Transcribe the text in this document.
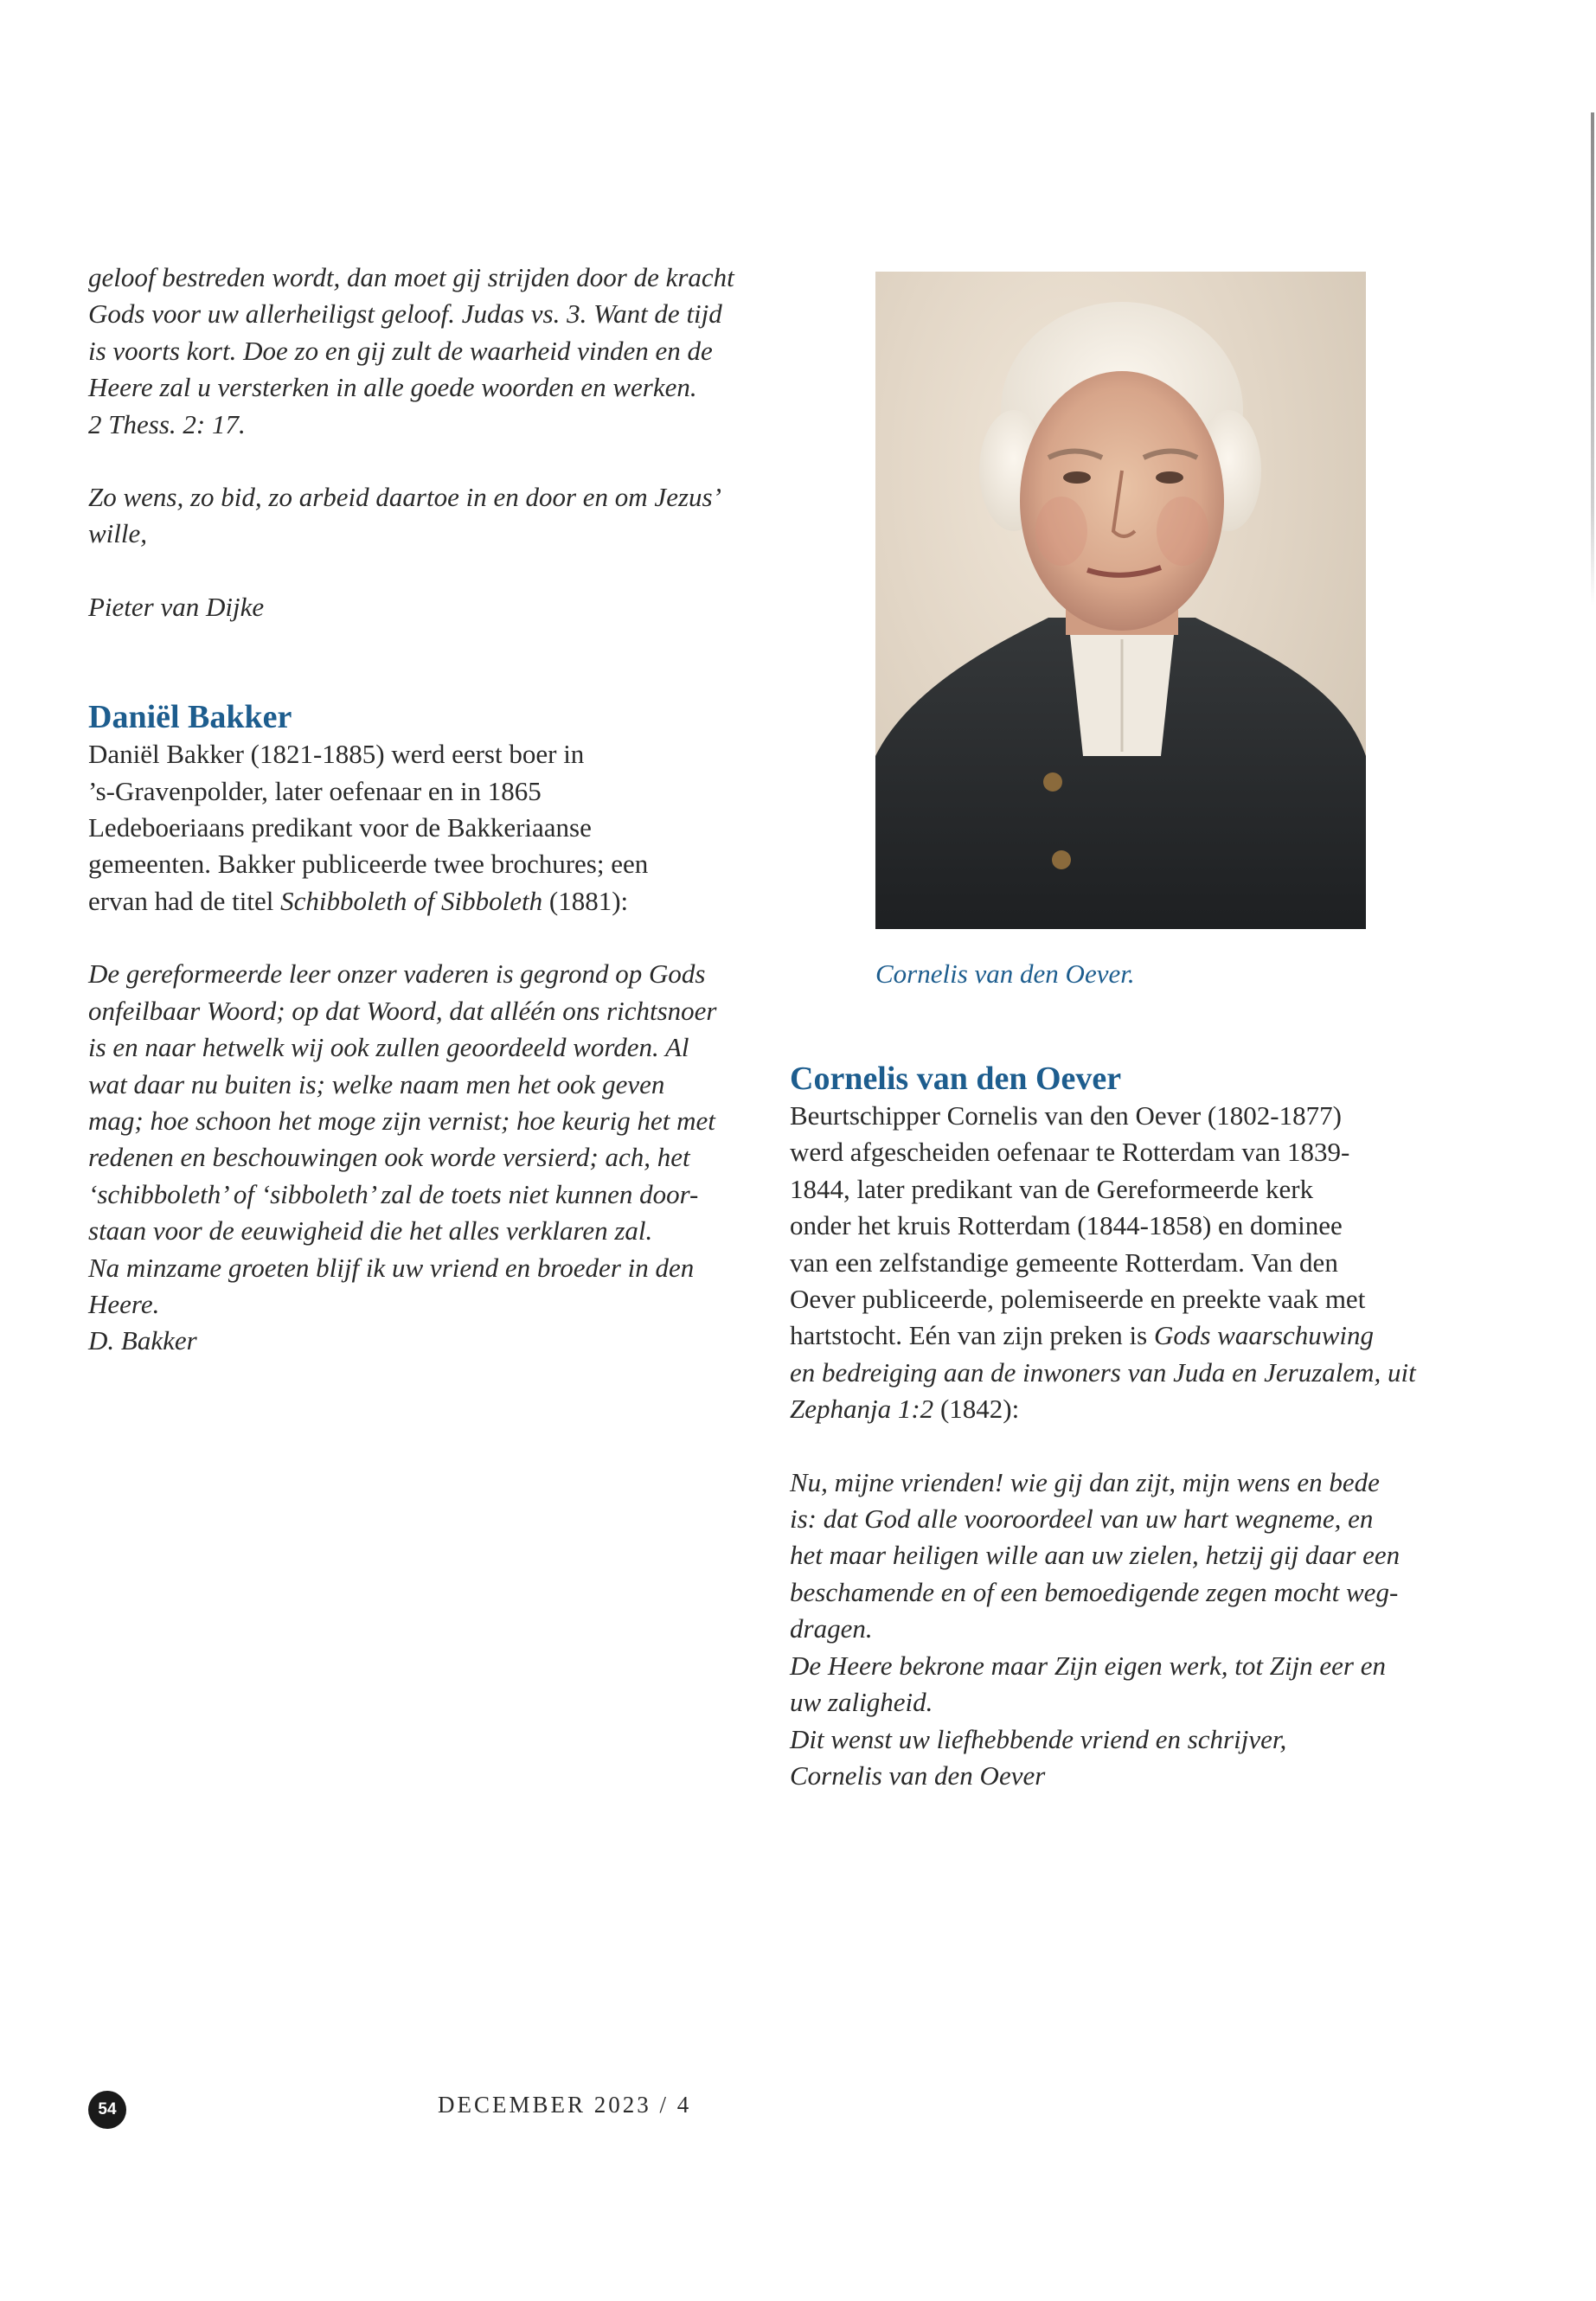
geloof bestreden wordt, dan moet gij strijden door de kracht

Gods voor uw allerheiligst geloof. Judas vs. 3. Want de tijd

is voorts kort. Doe zo en gij zult de waarheid vinden en de

Heere zal u versterken in alle goede woorden en werken.

2 Thess. 2: 17.

Zo wens, zo bid, zo arbeid daartoe in en door en om Jezus’

wille,

Pieter van Dijke

Daniël Bakker

Daniël Bakker (1821-1885) werd eerst boer in

’s-Gravenpolder, later oefenaar en in 1865

Ledeboeriaans predikant voor de Bakkeriaanse

gemeenten. Bakker publiceerde twee brochures; een

ervan had de titel Schibboleth of Sibboleth (1881):

De gereformeerde leer onzer vaderen is gegrond op Gods

onfeilbaar Woord; op dat Woord, dat alléén ons richtsnoer

is en naar hetwelk wij ook zullen geoordeeld worden. Al

wat daar nu buiten is; welke naam men het ook geven

mag; hoe schoon het moge zijn vernist; hoe keurig het met

redenen en beschouwingen ook worde versierd; ach, het

‘schibboleth’ of ‘sibboleth’ zal de toets niet kunnen door-

staan voor de eeuwigheid die het alles verklaren zal.

Na minzame groeten blijf ik uw vriend en broeder in den

Heere.

D. Bakker

Cornelis van den Oever.
Cornelis van den Oever

Beurtschipper Cornelis van den Oever (1802-1877)

werd afgescheiden oefenaar te Rotterdam van 1839-

1844, later predikant van de Gereformeerde kerk

onder het kruis Rotterdam (1844-1858) en dominee

van een zelfstandige gemeente Rotterdam. Van den

Oever publiceerde, polemiseerde en preekte vaak met

hartstocht. Eén van zijn preken is Gods waarschuwing

en bedreiging aan de inwoners van Juda en Jeruzalem, uit

Zephanja 1:2 (1842):

Nu, mijne vrienden! wie gij dan zijt, mijn wens en bede

is: dat God alle vooroordeel van uw hart wegneme, en

het maar heiligen wille aan uw zielen, hetzij gij daar een

beschamende en of een bemoedigende zegen mocht weg-

dragen.

De Heere bekrone maar Zijn eigen werk, tot Zijn eer en

uw zaligheid.

Dit wenst uw liefhebbende vriend en schrijver,

Cornelis van den Oever

54	DECEMBER 2023 / 4
